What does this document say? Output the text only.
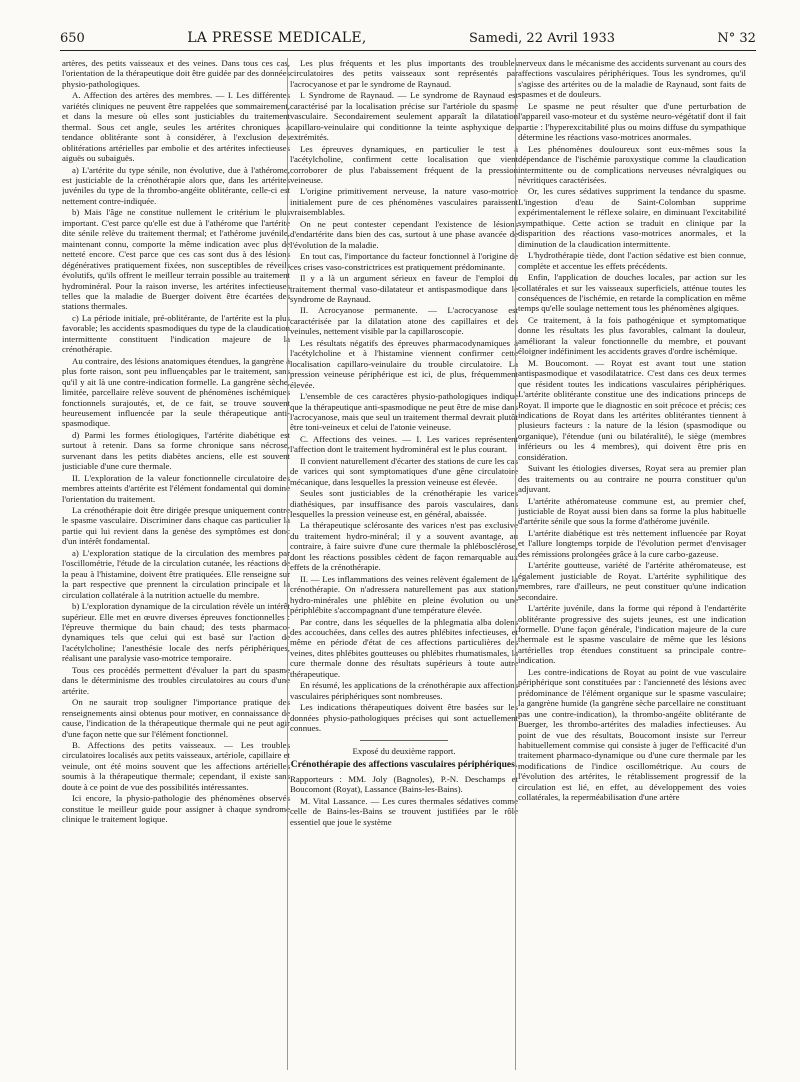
650	LA PRESSE MEDICALE,	Samedi, 22 Avril 1933	N° 32

artères, des petits vaisseaux et des veines. Dans tous ces cas, l'orientation de la thérapeutique doit être guidée par des données physio-pathologiques.

A. Affection des artères des membres. — I. Les différentes variétés cliniques ne peuvent être rappelées que sommairement, et dans la mesure où elles sont justiciables du traitement thermal. Sous cet angle, seules les artérites chroniques à tendance oblitérante sont à considérer, à l'exclusion des oblitérations artérielles par embolie et des artérites infectieuses aiguës ou subaiguës.

a) L'artérite du type sénile, non évolutive, due à l'athérome, est justiciable de la crénothérapie alors que, dans les artérites juvéniles du type de la thrombo-angéite oblitérante, celle-ci est nettement contre-indiquée.

b) Mais l'âge ne constitue nullement le critérium le plus important. C'est parce qu'elle est due à l'athérome que l'artérite dite sénile relève du traitement thermal; et l'athérome juvénile, maintenant connu, comporte la même indication avec plus de netteté encore. C'est parce que ces cas sont dus à des lésions dégénératives pratiquement fixées, non susceptibles de réveils évolutifs, qu'ils offrent le meilleur terrain possible au traitement hydrominéral. Pour la raison inverse, les artérites infectieuses telles que la maladie de Buerger doivent être écartées des stations thermales.

c) La période initiale, pré-oblitérante, de l'artérite est la plus favorable; les accidents spasmodiques du type de la claudication intermittente constituent l'indication majeure de la crénothérapie.

Au contraire, des lésions anatomiques étendues, la gangrène à plus forte raison, sont peu influençables par le traitement, sans qu'il y ait là une contre-indication formelle. La gangrène sèche, limitée, parcellaire relève souvent de phénomènes ischémiques fonctionnels surajoutés, et, de ce fait, se trouve souvent heureusement influencée par la seule thérapeutique anti-spasmodique.

d) Parmi les formes étiologiques, l'artérite diabétique est surtout à retenir. Dans sa forme chronique sans nécrose, survenant dans les petits diabètes anciens, elle est souvent justiciable d'une cure thermale.

II. L'exploration de la valeur fonctionnelle circulatoire des membres atteints d'artérite est l'élément fondamental qui domine l'orientation du traitement.

La crénothérapie doit être dirigée presque uniquement contre le spasme vasculaire. Discriminer dans chaque cas particulier la partie qui lui revient dans la genèse des symptômes est donc d'un intérêt fondamental.

a) L'exploration statique de la circulation des membres par l'oscillométrie, l'étude de la circulation cutanée, les réactions de la peau à l'histamine, doivent être pratiquées. Elle renseigne sur la part respective que prennent la circulation principale et la circulation collatérale à la nutrition actuelle du membre.

b) L'exploration dynamique de la circulation révèle un intérêt supérieur. Elle met en œuvre diverses épreuves fonctionnelles : l'épreuve thermique du bain chaud; des tests pharmaco-dynamiques tels que celui qui est basé sur l'action de l'acétylcholine; l'anesthésie locale des nerfs périphériques, réalisant une paralysie vaso-motrice temporaire.

Tous ces procédés permettent d'évaluer la part du spasme dans le déterminisme des troubles circulatoires au cours d'une artérite.

On ne saurait trop souligner l'importance pratique des renseignements ainsi obtenus pour motiver, en connaissance de cause, l'indication de la thérapeutique thermale qui ne peut agir d'une façon nette que sur l'élément fonctionnel.

B. Affections des petits vaisseaux. — Les troubles circulatoires localisés aux petits vaisseaux, artériole, capillaire et veinule, ont été moins souvent que les affections artérielles soumis à la thérapeutique thermale; cependant, il existe sans doute à ce point de vue des possibilités intéressantes.

Ici encore, la physio-pathologie des phénomènes observés constitue le meilleur guide pour assigner à chaque syndrome clinique le traitement logique.

Les plus fréquents et les plus importants des troubles circulatoires des petits vaisseaux sont représentés par l'acrocyanose et par le syndrome de Raynaud.

I. Syndrome de Raynaud. — Le syndrome de Raynaud est caractérisé par la localisation précise sur l'artériole du spasme vasculaire. Secondairement seulement apparaît la dilatation capillaro-veinulaire qui conditionne la teinte asphyxique des extrémités.

Les épreuves dynamiques, en particulier le test à l'acétylcholine, confirment cette localisation que vient corroborer de plus l'abaissement fréquent de la pression veineuse.

L'origine primitivement nerveuse, la nature vaso-motrice initialement pure de ces phénomènes vasculaires paraissent vraisemblables.

On ne peut contester cependant l'existence de lésions d'endartérite dans bien des cas, surtout à une phase avancée de l'évolution de la maladie.

En tout cas, l'importance du facteur fonctionnel à l'origine de ces crises vaso-constrictrices est pratiquement prédominante.

Il y a là un argument sérieux en faveur de l'emploi du traitement thermal vaso-dilatateur et antispasmodique dans le syndrome de Raynaud.

II. Acrocyanose permanente. — L'acrocyanose est caractérisée par la dilatation atone des capillaires et des veinules, nettement visible par la capillaroscopie.

Les résultats négatifs des épreuves pharmacodynamiques à l'acétylcholine et à l'histamine viennent confirmer cette localisation capillaro-veinulaire du trouble circulatoire. La pression veineuse périphérique est ici, de plus, fréquemment élevée.

L'ensemble de ces caractères physio-pathologiques indique que la thérapeutique anti-spasmodique ne peut être de mise dans l'acrocyanose, mais que seul un traitement thermal devrait plutôt être toni-veineux et celui de l'atonie veineuse.

C. Affections des veines. — I. Les varices représentent l'affection dont le traitement hydrominéral est le plus courant.

Il convient naturellement d'écarter des stations de cure les cas de varices qui sont symptomatiques d'une gêne circulatoire mécanique, dans lesquelles la pression veineuse est élevée.

Seules sont justiciables de la crénothérapie les varices diathésiques, par insuffisance des parois vasculaires, dans lesquelles la pression veineuse est, en général, abaissée.

La thérapeutique sclérosante des varices n'est pas exclusive du traitement hydro-minéral; il y a souvent avantage, au contraire, à faire suivre d'une cure thermale la phlébosclérose, dont les réactions possibles cèdent de façon remarquable aux effets de la crénothérapie.

II. — Les inflammations des veines relèvent également de la crénothérapie. On n'adressera naturellement pas aux stations hydro-minérales une phlébite en pleine évolution ou une périphlébite s'accompagnant d'une température élevée.

Par contre, dans les séquelles de la phlegmatia alba dolens des accouchées, dans celles des autres phlébites infectieuses, et même en période d'état de ces affections particulières des veines, dites phlébites goutteuses ou phlébites rhumatismales, la cure thermale donne des résultats supérieurs à toute autre thérapeutique.

En résumé, les applications de la crénothérapie aux affections vasculaires périphériques sont nombreuses.

Les indications thérapeutiques doivent être basées sur les données physio-pathologiques précises qui sont actuellement connues.

Exposé du deuxième rapport.

Crénothérapie des affections vasculaires périphériques.

Rapporteurs : MM. Joly (Bagnoles), P.-N. Deschamps et Boucomont (Royat), Lassance (Bains-les-Bains).

M. Vital Lassance. — Les cures thermales sédatives comme celle de Bains-les-Bains se trouvent justifiées par le rôle essentiel que joue le système

nerveux dans le mécanisme des accidents survenant au cours des affections vasculaires périphériques. Tous les syndromes, qu'il s'agisse des artérites ou de la maladie de Raynaud, sont faits de spasmes et de douleurs.

Le spasme ne peut résulter que d'une perturbation de l'appareil vaso-moteur et du système neuro-végétatif dont il fait partie : l'hyperexcitabilité plus ou moins diffuse du sympathique détermine les réactions vaso-motrices anormales.

Les phénomènes douloureux sont eux-mêmes sous la dépendance de l'ischémie paroxystique comme la claudication intermittente ou de complications nerveuses névralgiques ou névritiques caractérisées.

Or, les cures sédatives suppriment la tendance du spasme. L'ingestion d'eau de Saint-Colomban supprime expérimentalement le réflexe solaire, en diminuant l'excitabilité sympathique. Cette action se traduit en clinique par la disparition des réactions vaso-motrices anormales, et la diminution de la claudication intermittente.

L'hydrothérapie tiède, dont l'action sédative est bien connue, complète et accentue les effets précédents.

Enfin, l'application de douches locales, par action sur les collatérales et sur les vaisseaux superficiels, atténue toutes les conséquences de l'ischémie, en retarde la complication en même temps qu'elle soulage nettement tous les phénomènes algiques.

Ce traitement, à la fois pathogénique et symptomatique donne les résultats les plus favorables, calmant la douleur, améliorant la valeur fonctionnelle du membre, et pouvant éloigner indéfiniment les accidents graves d'ordre ischémique.

M. Boucomont. — Royat est avant tout une station antispasmodique et vasodilatatrice. C'est dans ces deux termes que résident toutes les indications vasculaires périphériques. L'artérite oblitérante constitue une des indications princeps de Royat. Il importe que le diagnostic en soit précoce et précis; ces indications de Royat dans les artérites oblitérantes tiennent à plusieurs facteurs : la nature de la lésion (spasmodique ou organique), l'étendue (uni ou bilatéralité), le siège (membres inférieurs ou les 4 membres), qui doivent être pris en considération.

Suivant les étiologies diverses, Royat sera au premier plan des traitements ou au contraire ne pourra constituer qu'un adjuvant.

L'artérite athéromateuse commune est, au premier chef, justiciable de Royat aussi bien dans sa forme la plus habituelle d'artérite sénile que sous la forme d'athérome juvénile.

L'artérite diabétique est très nettement influencée par Royat et l'allure longtemps torpide de l'évolution permet d'envisager des rémissions prolongées grâce à la cure carbo-gazeuse.

L'artérite goutteuse, variété de l'artérite athéromateuse, est également justiciable de Royat. L'artérite syphilitique des membres, rare d'ailleurs, ne peut constituer qu'une indication secondaire.

L'artérite juvénile, dans la forme qui répond à l'endartérite oblitérante progressive des sujets jeunes, est une indication formelle. D'une façon générale, l'indication majeure de la cure thermale est le spasme vasculaire de même que les lésions artérielles trop étendues constituent sa principale contre-indication.

Les contre-indications de Royat au point de vue vasculaire périphérique sont constituées par : l'ancienneté des lésions avec prédominance de l'élément organique sur le spasme vasculaire; la gangrène humide (la gangrène sèche parcellaire ne constituant pas une contre-indication), la thrombo-angéite oblitérante de Buerger, les thrombo-artérites des maladies infectieuses. Au point de vue des résultats, Boucomont insiste sur l'erreur habituellement commise qui consiste à juger de l'efficacité d'un traitement pharmaco-dynamique ou d'une cure thermale par les modifications de l'indice oscillométrique. Au cours de l'évolution des artérites, le rétablissement progressif de la circulation est lié, en effet, au développement des voies collatérales, la reperméabilisation d'une artère
